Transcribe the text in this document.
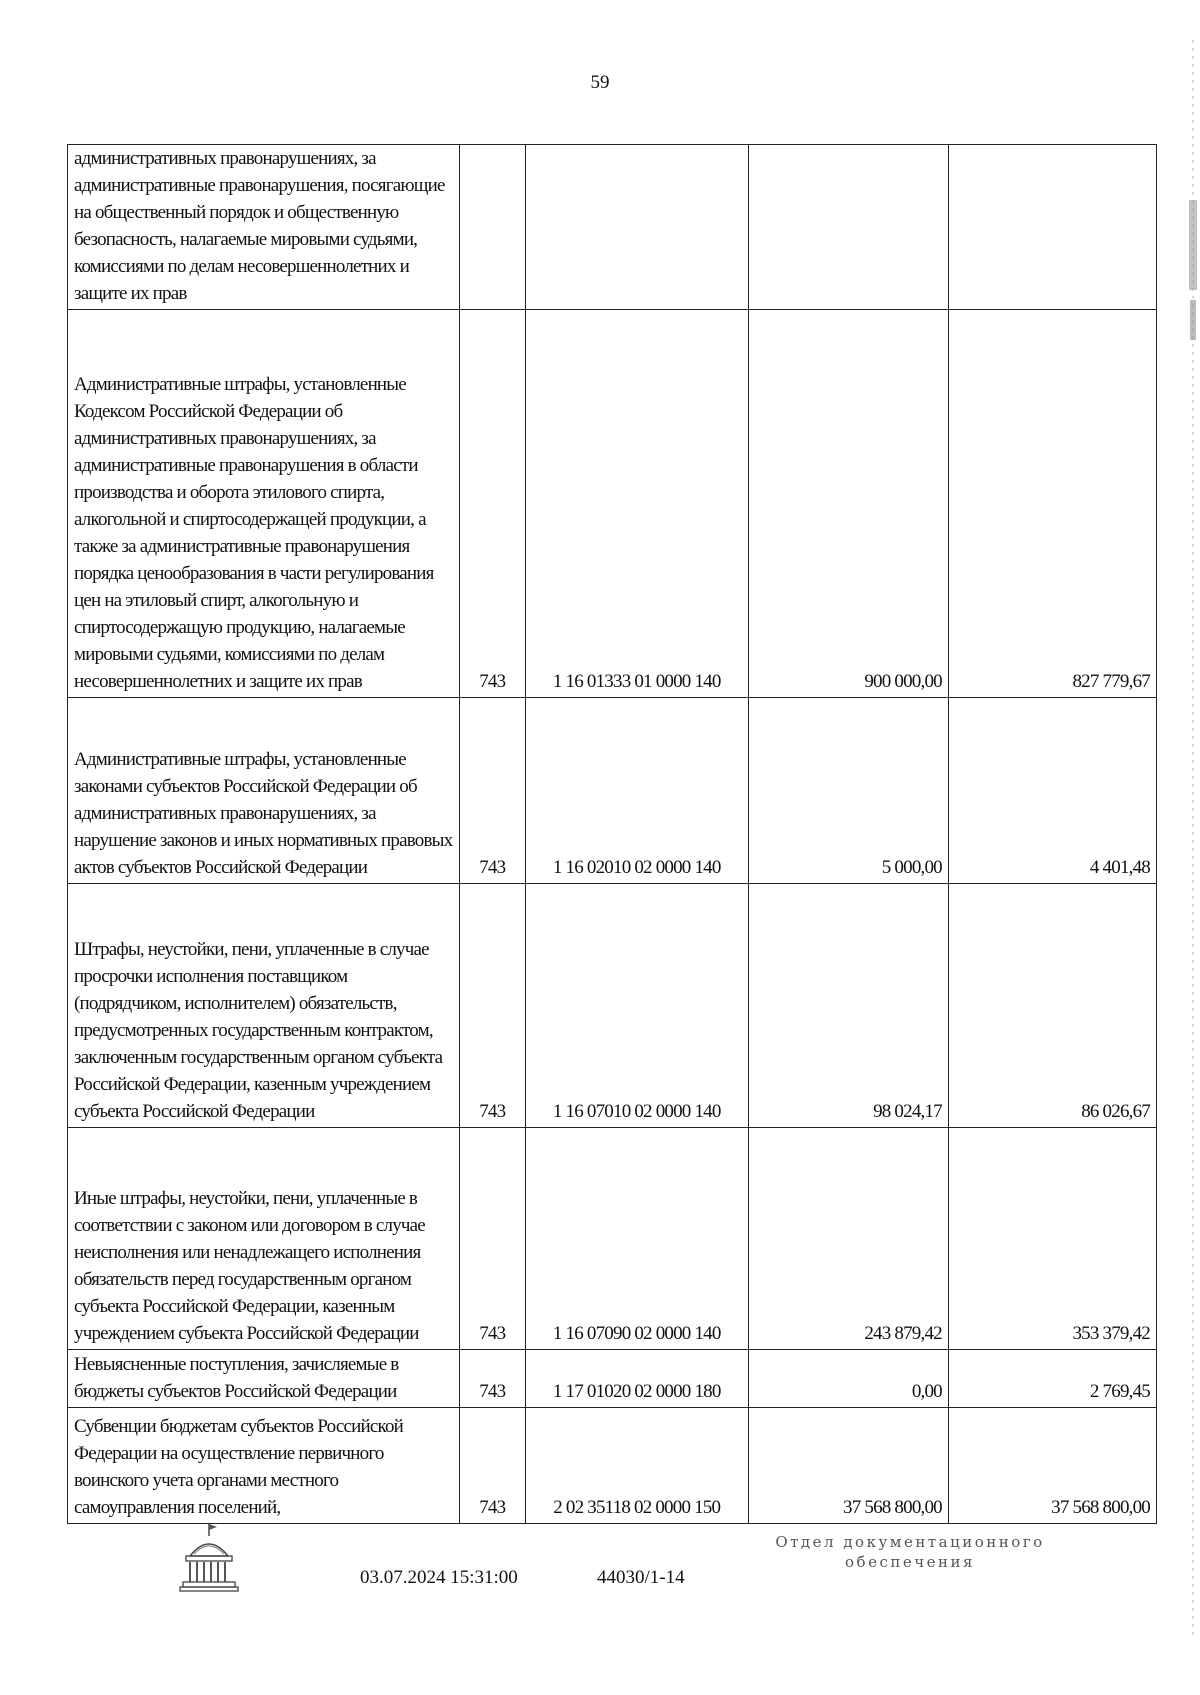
59
административных правонарушениях, за административные правонарушения, посягающие на общественный порядок и общественную безопасность, налагаемые мировыми судьями, комиссиями по делам несовершеннолетних и защите их прав				

Административные штрафы, установленные Кодексом Российской Федерации об административных правонарушениях, за административные правонарушения в области производства и оборота этилового спирта, алкогольной и спиртосодержащей продукции, а также за административные правонарушения порядка ценообразования в части регулирования цен на этиловый спирт, алкогольную и спиртосодержащую продукцию, налагаемые мировыми судьями, комиссиями по делам несовершеннолетних и защите их прав	743	1 16 01333 01 0000 140	900 000,00	827 779,67

Административные штрафы, установленные законами субъектов Российской Федерации об административных правонарушениях, за нарушение законов и иных нормативных правовых актов субъектов Российской Федерации	743	1 16 02010 02 0000 140	5 000,00	4 401,48

Штрафы, неустойки, пени, уплаченные в случае просрочки исполнения поставщиком (подрядчиком, исполнителем) обязательств, предусмотренных государственным контрактом, заключенным государственным органом субъекта Российской Федерации, казенным учреждением субъекта Российской Федерации	743	1 16 07010 02 0000 140	98 024,17	86 026,67

Иные штрафы, неустойки, пени, уплаченные в соответствии с законом или договором в случае неисполнения или ненадлежащего исполнения обязательств перед государственным органом субъекта Российской Федерации, казенным учреждением субъекта Российской Федерации	743	1 16 07090 02 0000 140	243 879,42	353 379,42

Невыясненные поступления, зачисляемые в бюджеты субъектов Российской Федерации	743	1 17 01020 02 0000 180	0,00	2 769,45

Субвенции бюджетам субъектов Российской Федерации на осуществление первичного воинского учета органами местного самоуправления поселений,	743	2 02 35118 02 0000 150	37 568 800,00	37 568 800,00
03.07.2024 15:31:00	44030/1-14
Отдел документационного
обеспечения
